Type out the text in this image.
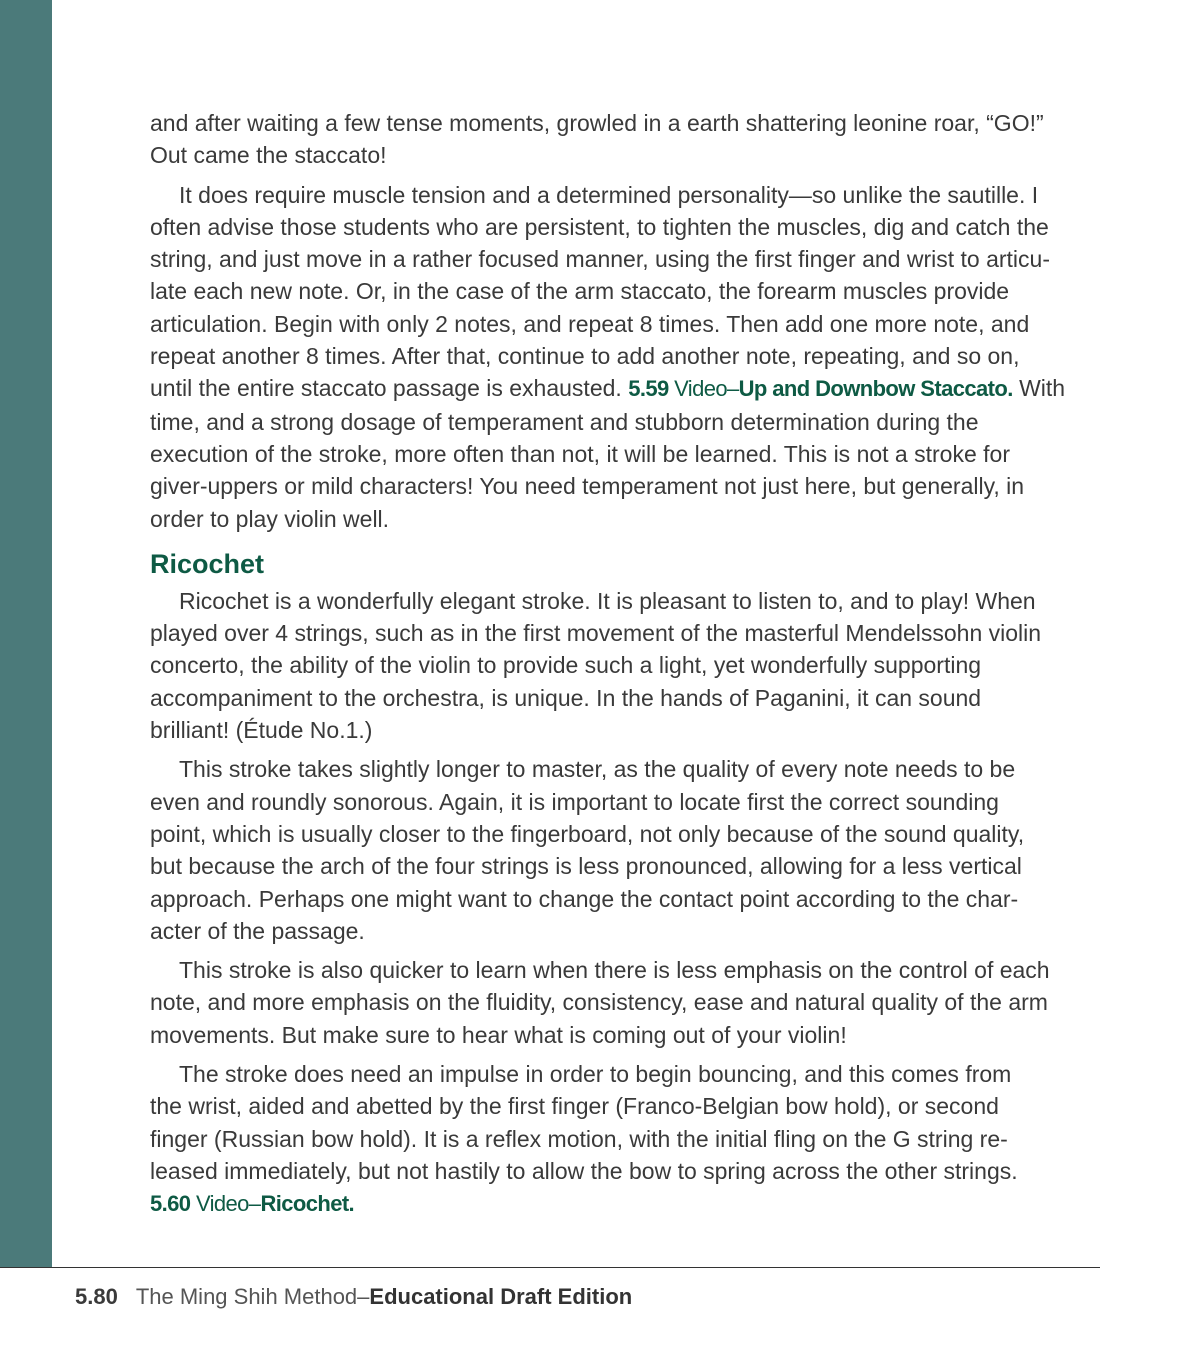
and after waiting a few tense moments, growled in a earth shattering leonine roar, “GO!”
Out came the staccato!

It does require muscle tension and a determined personality—so unlike the sautille. I
often advise those students who are persistent, to tighten the muscles, dig and catch the
string, and just move in a rather focused manner, using the first finger and wrist to articu-
late each new note. Or, in the case of the arm staccato, the forearm muscles provide
articulation. Begin with only 2 notes, and repeat 8 times. Then add one more note, and
repeat another 8 times. After that, continue to add another note, repeating, and so on,
until the entire staccato passage is exhausted. 5.59 Video–Up and Downbow Staccato. With
time, and a strong dosage of temperament and stubborn determination during the
execution of the stroke, more often than not, it will be learned. This is not a stroke for
giver-uppers or mild characters! You need temperament not just here, but generally, in
order to play violin well.

Ricochet

Ricochet is a wonderfully elegant stroke. It is pleasant to listen to, and to play! When
played over 4 strings, such as in the first movement of the masterful Mendelssohn violin
concerto, the ability of the violin to provide such a light, yet wonderfully supporting
accompaniment to the orchestra, is unique. In the hands of Paganini, it can sound
brilliant! (Étude No.1.)

This stroke takes slightly longer to master, as the quality of every note needs to be
even and roundly sonorous. Again, it is important to locate first the correct sounding
point, which is usually closer to the fingerboard, not only because of the sound quality,
but because the arch of the four strings is less pronounced, allowing for a less vertical
approach. Perhaps one might want to change the contact point according to the char-
acter of the passage.

This stroke is also quicker to learn when there is less emphasis on the control of each
note, and more emphasis on the fluidity, consistency, ease and natural quality of the arm
movements. But make sure to hear what is coming out of your violin!

The stroke does need an impulse in order to begin bouncing, and this comes from
the wrist, aided and abetted by the first finger (Franco-Belgian bow hold), or second
finger (Russian bow hold). It is a reflex motion, with the initial fling on the G string re-
leased immediately, but not hastily to allow the bow to spring across the other strings.
5.60 Video–Ricochet.

5.80 The Ming Shih Method–Educational Draft Edition
